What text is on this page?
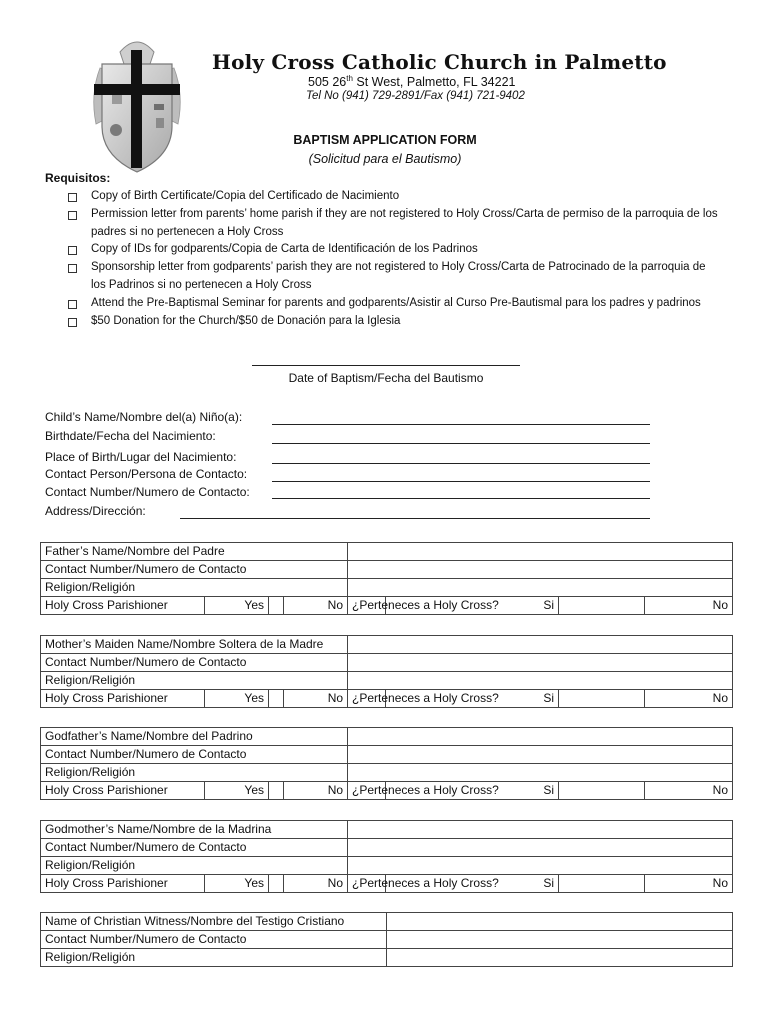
Holy Cross Catholic Church in Palmetto
505 26th St West, Palmetto, FL 34221
Tel No (941) 729-2891/Fax (941) 721-9402
BAPTISM APPLICATION FORM
(Solicitud para el Bautismo)
Requisitos:
Copy of Birth Certificate/Copia del Certificado de Nacimiento
Permission letter from parents’ home parish if they are not registered to Holy Cross/Carta de permiso de la parroquia de los padres si no pertenecen a Holy Cross
Copy of IDs for godparents/Copia de Carta de Identificación de los Padrinos
Sponsorship letter from godparents’ parish they are not registered to Holy Cross/Carta de Patrocinado de la parroquia de los Padrinos si no pertenecen a Holy Cross
Attend the Pre-Baptismal Seminar for parents and godparents/Asistir al Curso Pre-Bautismal para los padres y padrinos
$50 Donation for the Church/$50 de Donación para la Iglesia
Date of Baptism/Fecha del Bautismo
Child’s Name/Nombre del(a) Niño(a):
Birthdate/Fecha del Nacimiento:
Place of Birth/Lugar del Nacimiento:
Contact Person/Persona de Contacto:
Contact Number/Numero de Contacto:
Address/Dirección:
Father’s Name/Nombre del Padre							
Contact Number/Numero de Contacto							
Religion/Religión							
Holy Cross Parishioner	Yes		No	¿Perteneces a Holy Cross?	Si		No
Mother’s Maiden Name/Nombre Soltera de la Madre							
Contact Number/Numero de Contacto							
Religion/Religión							
Holy Cross Parishioner	Yes		No	¿Perteneces a Holy Cross?	Si		No
Godfather’s Name/Nombre del Padrino							
Contact Number/Numero de Contacto							
Religion/Religión							
Holy Cross Parishioner	Yes		No	¿Perteneces a Holy Cross?	Si		No
Godmother’s Name/Nombre de la Madrina							
Contact Number/Numero de Contacto							
Religion/Religión							
Holy Cross Parishioner	Yes		No	¿Perteneces a Holy Cross?	Si		No
Name of Christian Witness/Nombre del Testigo Cristiano	
Contact Number/Numero de Contacto	
Religion/Religión	
